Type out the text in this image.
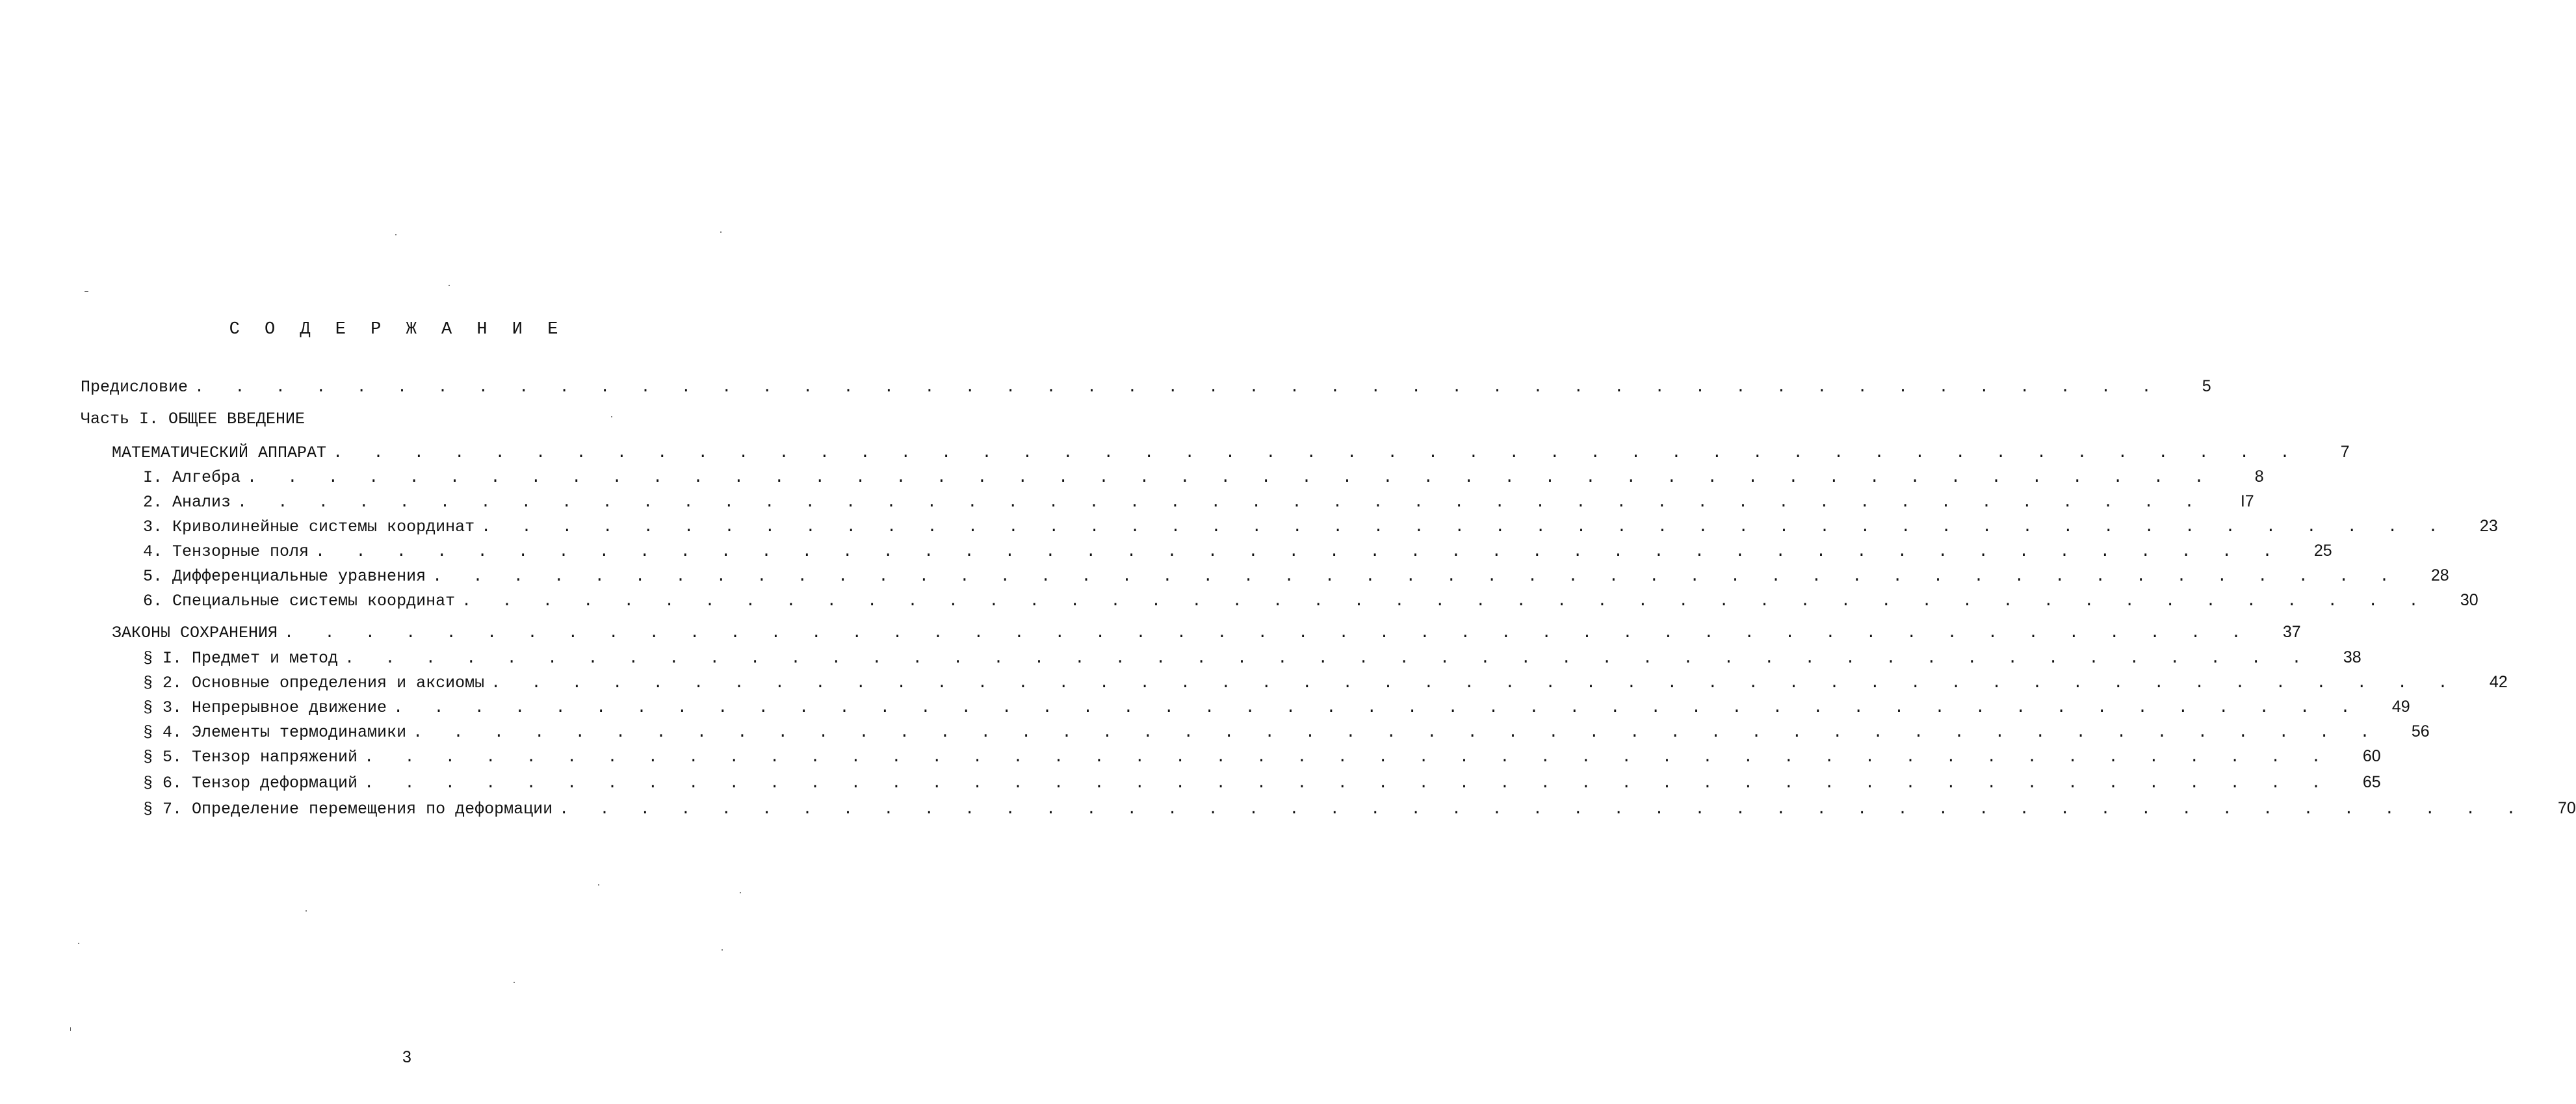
С О Д Е Р Ж А Н И Е
Предисловие . . . . . . . . . . . . . . . . . . . . . . . . . . . . . . . . . . . . . . . . . . . . . . . . .	5
Часть I. ОБЩЕЕ ВВЕДЕНИЕ
МАТЕМАТИЧЕСКИЙ АППАРАТ . . . . . . . . . . . . . . . . . . . . . . . . . . . . . . . . . . . . . . . . . . . . . . . . .	7
I. Алгебра . . . . . . . . . . . . . . . . . . . . . . . . . . . . . . . . . . . . . . . . . . . . . . . . .	8
2. Анализ . . . . . . . . . . . . . . . . . . . . . . . . . . . . . . . . . . . . . . . . . . . . . . . . .	I7
3. Криволинейные системы координат . . . . . . . . . . . . . . . . . . . . . . . . . . . . . . . . . . . . . . . . . . . . . . . . .	23
4. Тензорные поля . . . . . . . . . . . . . . . . . . . . . . . . . . . . . . . . . . . . . . . . . . . . . . . . .	25
5. Дифференциальные уравнения . . . . . . . . . . . . . . . . . . . . . . . . . . . . . . . . . . . . . . . . . . . . . . . . .	28
6. Специальные системы координат . . . . . . . . . . . . . . . . . . . . . . . . . . . . . . . . . . . . . . . . . . . . . . . . .	30
ЗАКОНЫ СОХРАНЕНИЯ . . . . . . . . . . . . . . . . . . . . . . . . . . . . . . . . . . . . . . . . . . . . . . . . .	37
§ I. Предмет и метод . . . . . . . . . . . . . . . . . . . . . . . . . . . . . . . . . . . . . . . . . . . . . . . . .	38
§ 2. Основные определения и аксиомы . . . . . . . . . . . . . . . . . . . . . . . . . . . . . . . . . . . . . . . . . . . . . . . . .	42
§ 3. Непрерывное движение . . . . . . . . . . . . . . . . . . . . . . . . . . . . . . . . . . . . . . . . . . . . . . . . .	49
§ 4. Элементы термодинамики . . . . . . . . . . . . . . . . . . . . . . . . . . . . . . . . . . . . . . . . . . . . . . . . .	56
§ 5. Тензор напряжений . . . . . . . . . . . . . . . . . . . . . . . . . . . . . . . . . . . . . . . . . . . . . . . . .	60
§ 6. Тензор деформаций . . . . . . . . . . . . . . . . . . . . . . . . . . . . . . . . . . . . . . . . . . . . . . . . .	65
§ 7. Определение перемещения по деформации . . . . . . . . . . . . . . . . . . . . . . . . . . . . . . . . . . . . . . . . . . . . . . . . .	70
3
